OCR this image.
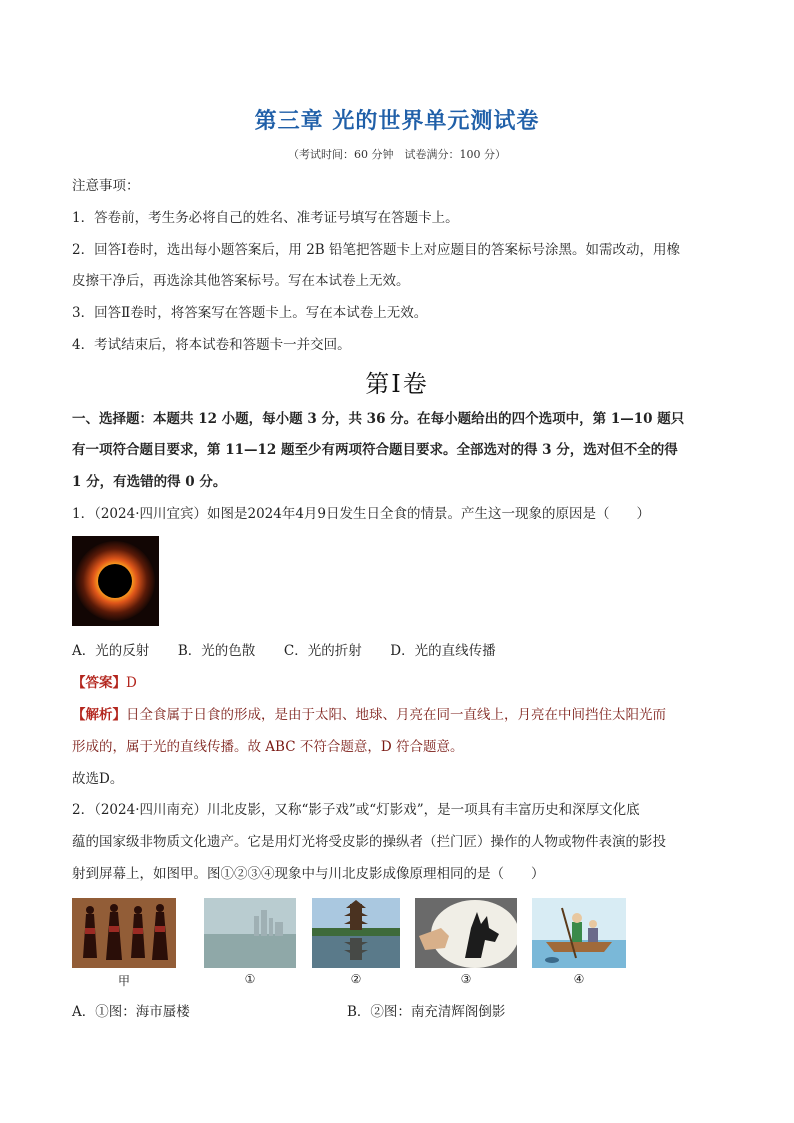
第三章 光的世界单元测试卷
（考试时间：60 分钟　试卷满分：100 分）
注意事项：
1．答卷前，考生务必将自己的姓名、准考证号填写在答题卡上。
2．回答Ⅰ卷时，选出每小题答案后，用 2B 铅笔把答题卡上对应题目的答案标号涂黑。如需改动，用橡
皮擦干净后，再选涂其他答案标号。写在本试卷上无效。
3．回答Ⅱ卷时，将答案写在答题卡上。写在本试卷上无效。
4．考试结束后，将本试卷和答题卡一并交回。
第Ⅰ卷
一、选择题：本题共 12 小题，每小题 3 分，共 36 分。在每小题给出的四个选项中，第 1—10 题只
有一项符合题目要求，第 11—12 题至少有两项符合题目要求。全部选对的得 3 分，选对但不全的得
1 分，有选错的得 0 分。
1．（2024·四川宜宾）如图是2024年4月9日发生日全食的情景。产生这一现象的原因是（　　）
A．光的反射 B．光的色散 C．光的折射 D．光的直线传播
【答案】D
【解析】日全食属于日食的形成，是由于太阳、地球、月亮在同一直线上，月亮在中间挡住太阳光而
形成的，属于光的直线传播。故 ABC 不符合题意，D 符合题意。
故选D。
2．（2024·四川南充）川北皮影，又称“影子戏”或“灯影戏”，是一项具有丰富历史和深厚文化底
蕴的国家级非物质文化遗产。它是用灯光将受皮影的操纵者（拦门匠）操作的人物或物件表演的影投
射到屏幕上，如图甲。图①②③④现象中与川北皮影成像原理相同的是（　　）
甲	①	②	③	④
A．①图：海市蜃楼	B．②图：南充清辉阁倒影
